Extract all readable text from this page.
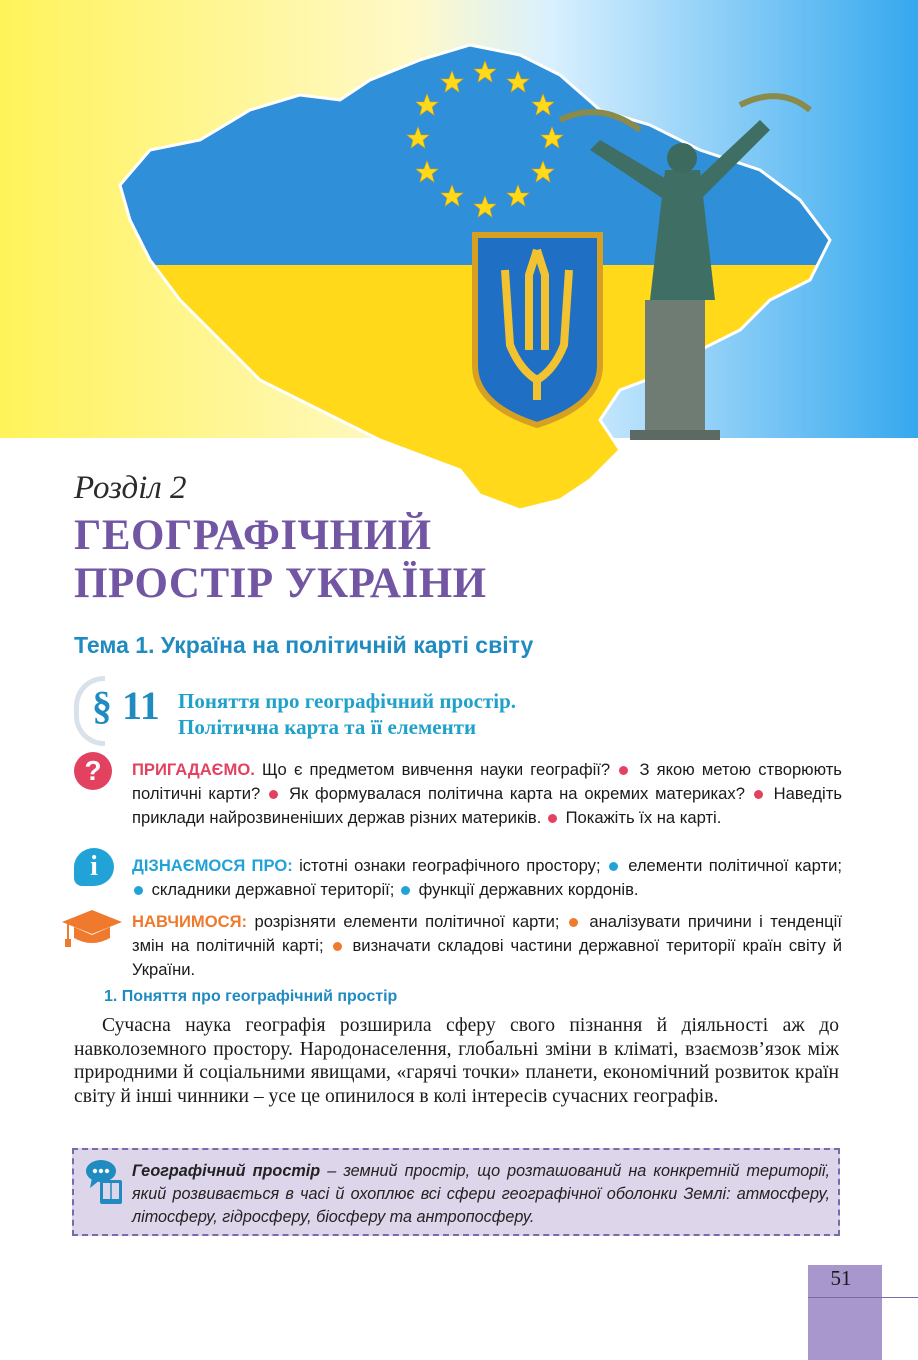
Розділ 2
ГЕОГРАФІЧНИЙ
ПРОСТІР УКРАЇНИ
Тема 1. Україна на політичній карті світу
§ 11 Поняття про географічний простір.
Політична карта та її елементи
?	ПРИГАДАЄМО. Що є предметом вивчення науки географії? З якою метою створюють політичні карти? Як формувалася політична карта на окремих материках? Наведіть приклади найрозвиненіших держав різних материків. Покажіть їх на карті.
i	ДІЗНАЄМОСЯ ПРО: істотні ознаки географічного простору; елементи політичної карти;  складники державної території; функції державних кордонів.
НАВЧИМОСЯ: розрізняти елементи політичної карти; аналізувати причини і тенденції змін на політичній карті; визначати складові частини державної території країн світу й України.
1. Поняття про географічний простір
Сучасна наука географія розширила сферу свого пізнання й діяльності аж до навколоземного простору. Народонаселення, глобальні зміни в кліматі, взаємозв’язок між природними й соціальними явищами, «гарячі точки» планети, економічний розвиток країн світу й інші чинники – усе це опинилося в колі інтересів сучасних географів.
Географічний простір – земний простір, що розташований на конкретній території, який розвивається в часі й охоплює всі сфери географічної оболонки Землі: атмосферу, літосферу, гідросферу, біосферу та антропосферу.
51
